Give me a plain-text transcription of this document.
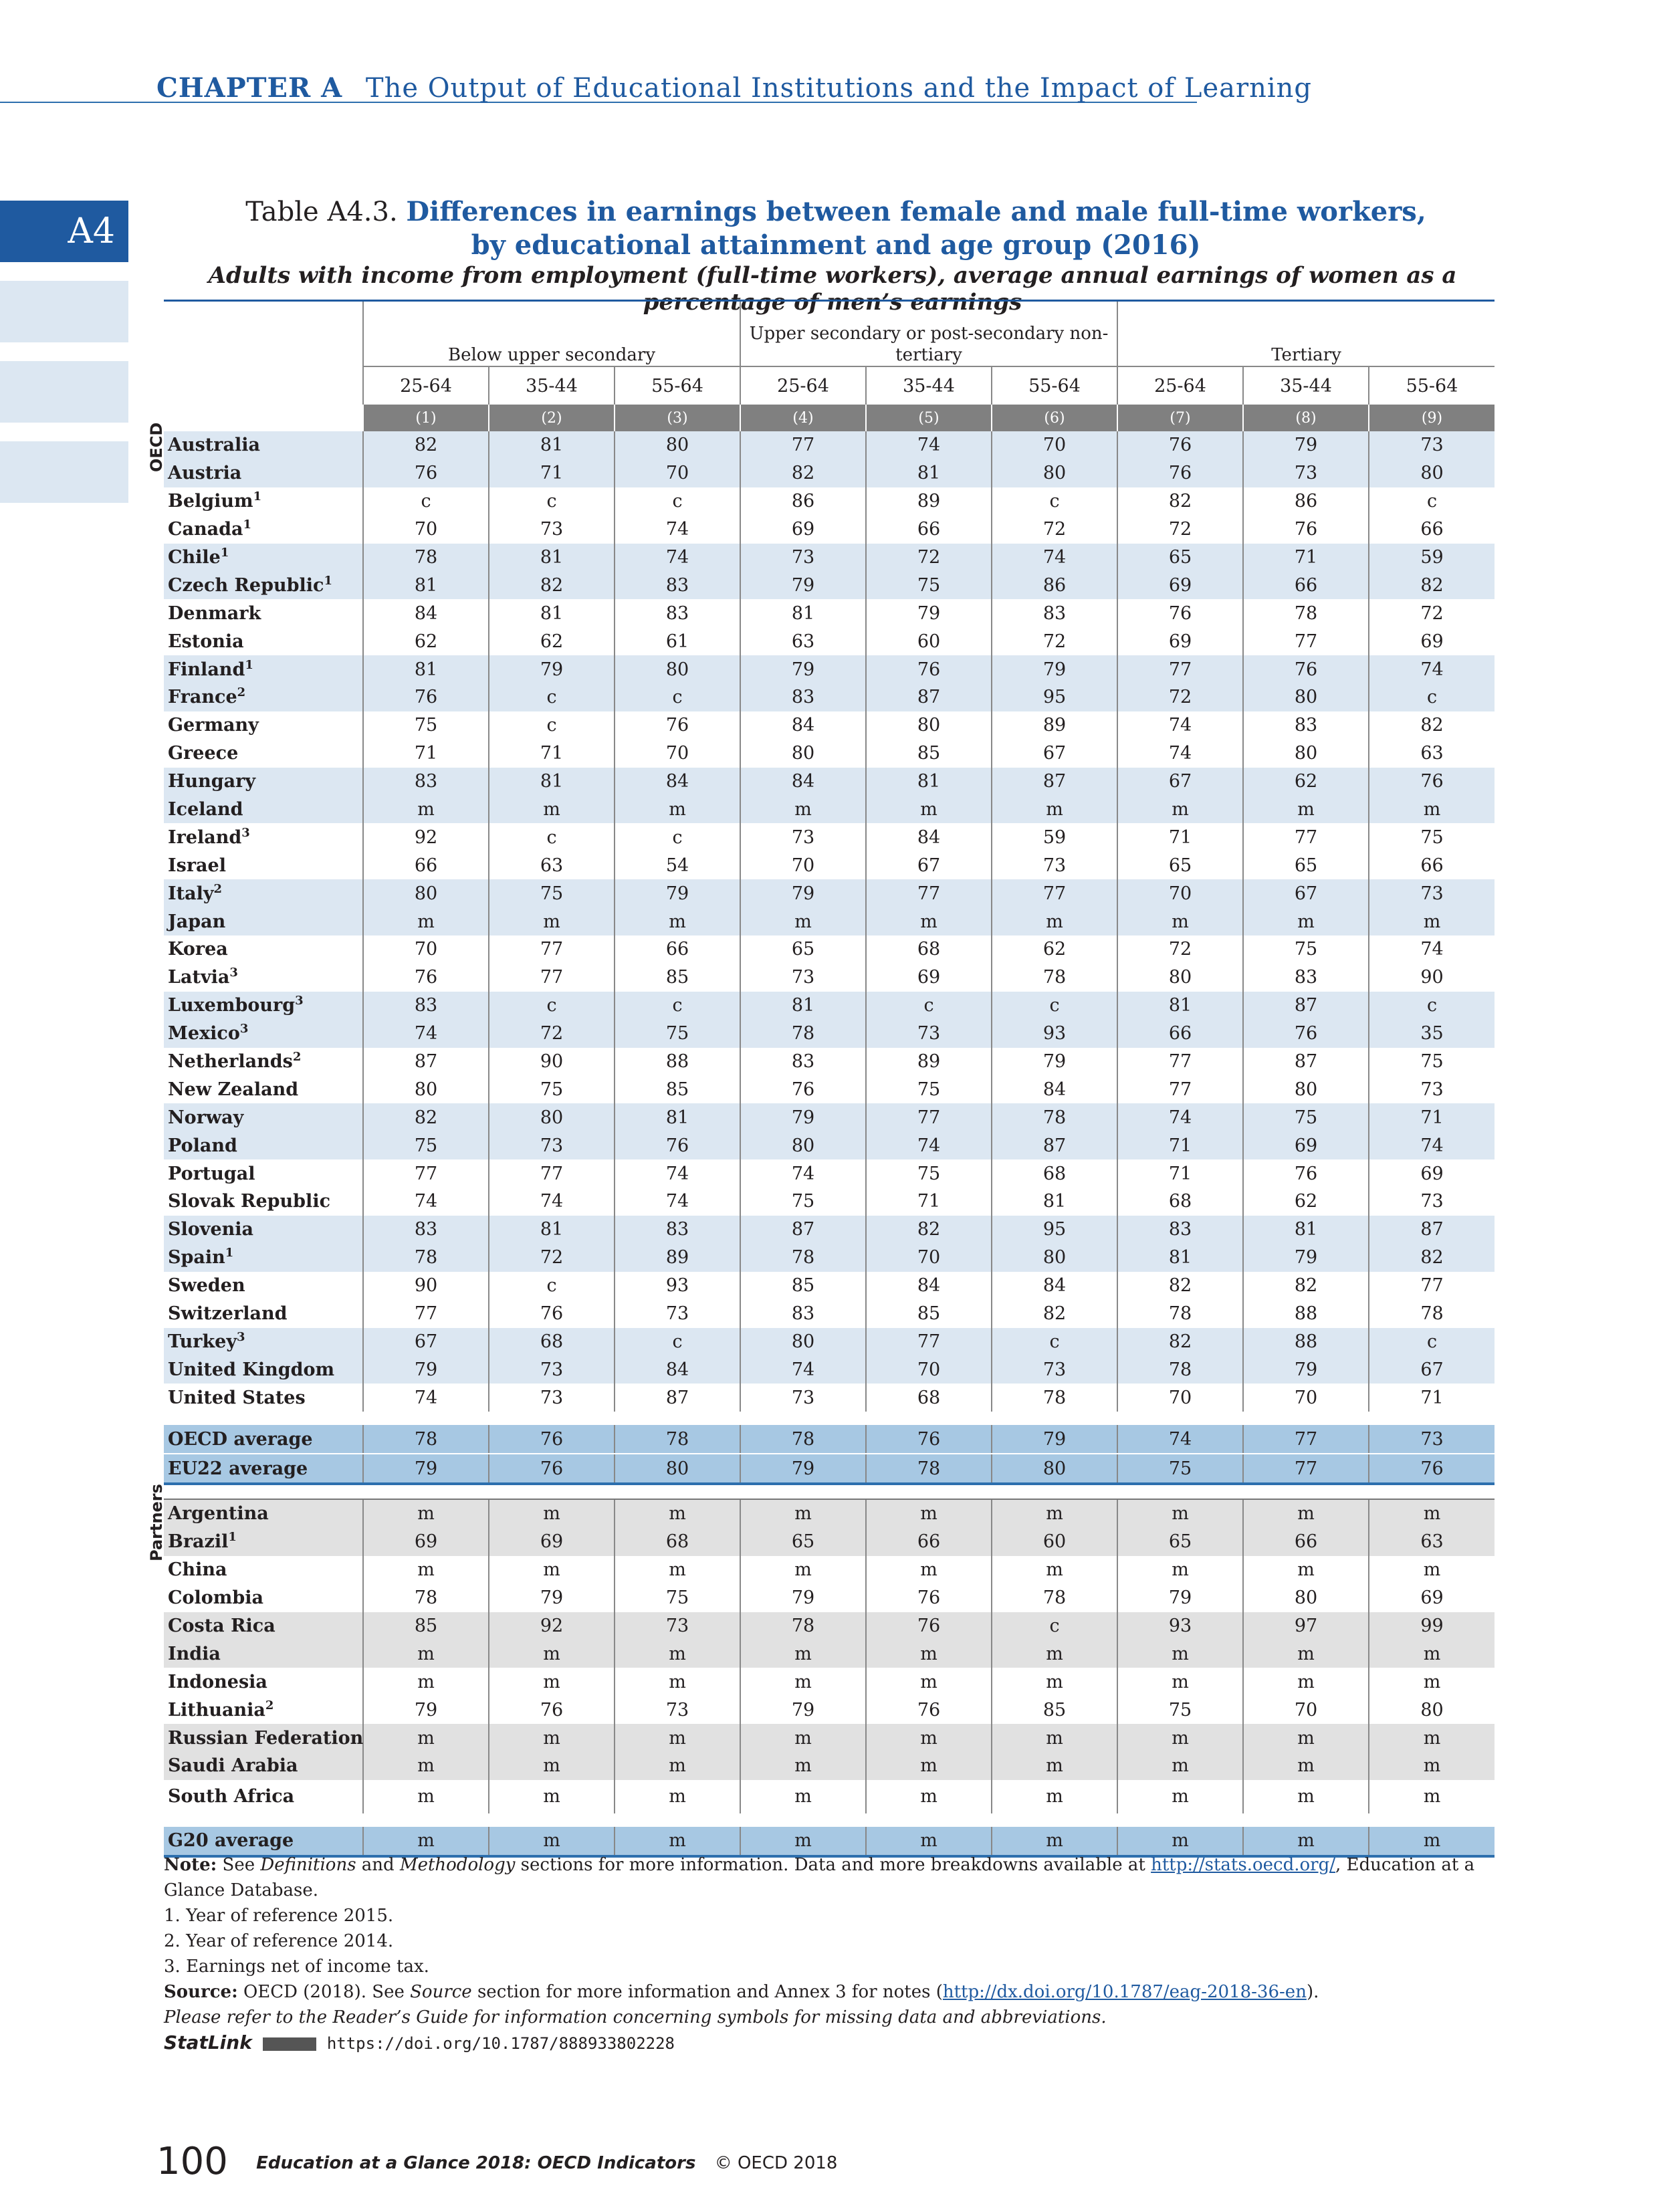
CHAPTER A The Output of Educational Institutions and the Impact of Learning
A4	Table A4.3. Differences in earnings between female and male full-time workers,
by educational attainment and age group (2016)
Adults with income from employment (full-time workers), average annual earnings of women as a percentage of men’s earnings

	Below upper secondary			Upper secondary or post-secondary non-tertiary			Tertiary		
	25-64	35-44	55-64	25-64	35-44	55-64	25-64	35-44	55-64
	(1)	(2)	(3)	(4)	(5)	(6)	(7)	(8)	(9)
Australia	82	81	80	77	74	70	76	79	73
Austria	76	71	70	82	81	80	76	73	80
Belgium$^1$	c	c	c	86	89	c	82	86	c
Canada$^1$	70	73	74	69	66	72	72	76	66
Chile$^1$	78	81	74	73	72	74	65	71	59
Czech Republic$^1$	81	82	83	79	75	86	69	66	82
Denmark	84	81	83	81	79	83	76	78	72
Estonia	62	62	61	63	60	72	69	77	69
Finland$^1$	81	79	80	79	76	79	77	76	74
France$^2$	76	c	c	83	87	95	72	80	c
Germany	75	c	76	84	80	89	74	83	82
Greece	71	71	70	80	85	67	74	80	63
Hungary	83	81	84	84	81	87	67	62	76
Iceland	m	m	m	m	m	m	m	m	m
Ireland$^3$	92	c	c	73	84	59	71	77	75
Israel	66	63	54	70	67	73	65	65	66
Italy$^2$	80	75	79	79	77	77	70	67	73
Japan	m	m	m	m	m	m	m	m	m
Korea	70	77	66	65	68	62	72	75	74
Latvia$^3$	76	77	85	73	69	78	80	83	90
Luxembourg$^3$	83	c	c	81	c	c	81	87	c
Mexico$^3$	74	72	75	78	73	93	66	76	35
Netherlands$^2$	87	90	88	83	89	79	77	87	75
New Zealand	80	75	85	76	75	84	77	80	73
Norway	82	80	81	79	77	78	74	75	71
Poland	75	73	76	80	74	87	71	69	74
Portugal	77	77	74	74	75	68	71	76	69
Slovak Republic	74	74	74	75	71	81	68	62	73
Slovenia	83	81	83	87	82	95	83	81	87
Spain$^1$	78	72	89	78	70	80	81	79	82
Sweden	90	c	93	85	84	84	82	82	77
Switzerland	77	76	73	83	85	82	78	88	78
Turkey$^3$	67	68	c	80	77	c	82	88	c
United Kingdom	79	73	84	74	70	73	78	79	67
United States	74	73	87	73	68	78	70	70	71

OECD average	78	76	78	78	76	79	74	77	73
EU22 average	79	76	80	79	78	80	75	77	76

Argentina	m	m	m	m	m	m	m	m	m
Brazil$^1$	69	69	68	65	66	60	65	66	63
China	m	m	m	m	m	m	m	m	m
Colombia	78	79	75	79	76	78	79	80	69
Costa Rica	85	92	73	78	76	c	93	97	99
India	m	m	m	m	m	m	m	m	m
Indonesia	m	m	m	m	m	m	m	m	m
Lithuania$^2$	79	76	73	79	76	85	75	70	80
Russian Federation	m	m	m	m	m	m	m	m	m
Saudi Arabia	m	m	m	m	m	m	m	m	m
South Africa	m	m	m	m	m	m	m	m	m

G20 average	m	m	m	m	m	m	m	m	m
OECD
Partners

Note: See Definitions and Methodology sections for more information. Data and more breakdowns available at http://stats.oecd.org/, Education at a Glance Database.

1. Year of reference 2015.

2. Year of reference 2014.

3. Earnings net of income tax.

Source: OECD (2018). See Source section for more information and Annex 3 for notes (http://dx.doi.org/10.1787/eag-2018-36-en).

Please refer to the Reader’s Guide for information concerning symbols for missing data and abbreviations.

StatLink	https://doi.org/10.1787/888933802228

100 Education at a Glance 2018: OECD Indicators © OECD 2018
